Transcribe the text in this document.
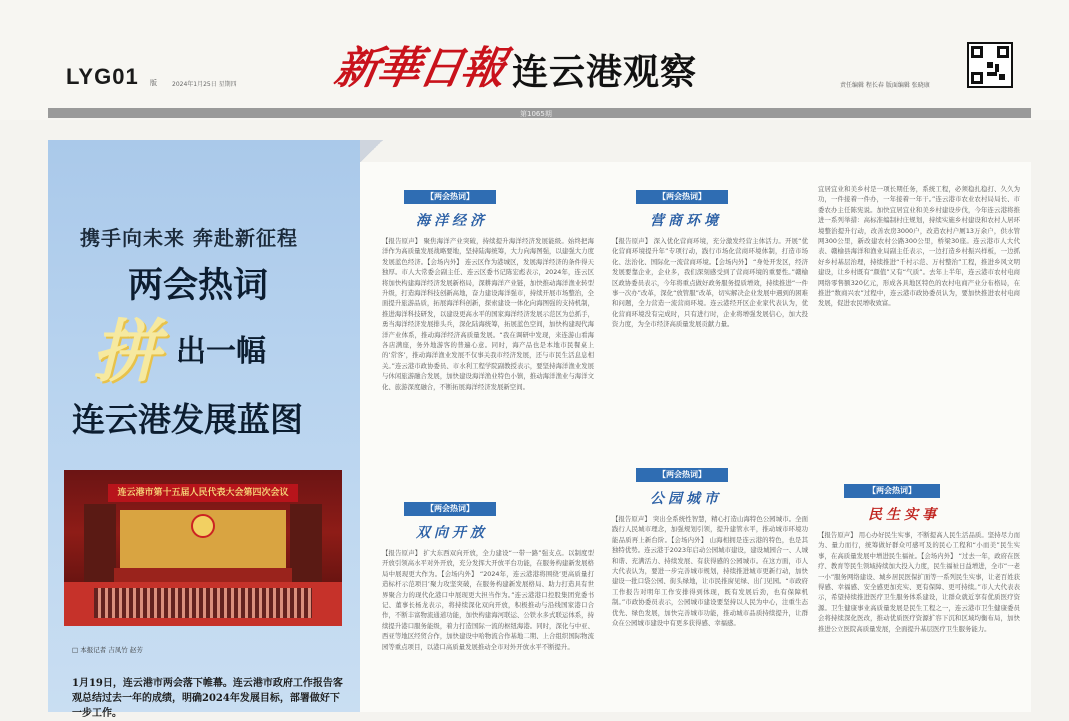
LYG01 版	2024年1月25日 星期四 新華日報 连云港观察	责任编辑 程长春 版面编辑 张晓康
第1065期
携手向未来 奔赴新征程
两会热词
拼 出一幅
连云港发展蓝图
连云港市第十五届人民代表大会第四次会议
□ 本报记者 吉凤竹 赵芳
1月19日，连云港市两会落下帷幕。连云港市政府工作报告客观总结过去一年的成绩，明确2024年发展目标，部署做好下一步工作。
【两会热词】
海洋经济
【报告原声】 聚焦海洋产业突破，持续提升海洋经济发展能级。始终把海洋作为高质量发展战略要地，坚持陆海统筹，大力向海图强，以建强大力度发展蓝色经济。【会场内外】 连云区作为港城区，发展海洋经济的条件得天独厚。市人大常委会副主任、连云区委书记陈宏彪表示，2024年，连云区将加快构建海洋经济发展新格局，深耕海洋产业链，加快推动海洋渔业转型升级，打造海洋科技创新高地，奋力建设海洋强市，持续开展市场整治，全面提升旅游品质，拓展海洋科创新，探索建设一体化向海图强的支持机制，推进海洋科技研发，以建设更高水平的国家海洋经济发展示范区为总抓手，勇当海洋经济发展排头兵，深化陆海统筹，拓展蓝色空间，加快构建现代海洋产业体系，推动海洋经济高质量发展。“我在调研中发现，来连游山看海各店满座，务外地游客的普遍心意。同时，海产品也是本地市民餐桌上的‘常客’，推动海洋渔业发展不仅事关我市经济发展，还与市民生活息息相关。”连云港市政协委员、市水利工程学院副教授表示，要坚持海洋渔业发展与休闲旅游融合发展，加快建设海洋渔业特色小镇，推动海洋渔业与海洋文化、旅游深度融合，不断拓展海洋经济发展新空间。
【两会热词】
双向开放
【报告原声】 扩大东西双向开放，全力建设“一带一路”强支点。以制度型开放引领高水平对外开放，充分发挥大开放平台功能，在服务构建新发展格局中展现更大作为。【会场内外】 “2024年，连云港港将围绕‘更高质量打造标杆示范项目’聚力攻坚突破，在服务构建新发展格局、助力打造具有世界聚合力的现代化港口中展现更大担当作为。”连云港港口控股集团党委书记、董事长杨龙表示，将持续深化双向开放，积极推动与沿线国家港口合作，不断丰富物流通道功能，加快构建海河联运、公铁水多式联运体系，持续提升港口服务能级，着力打造国际一流的枢纽海港。同时，深化与中亚、西亚等地区经贸合作，加快建设中哈物流合作基地二期、上合组织国际物流园等重点项目，以港口高质量发展推动全市对外开放水平不断提升。
【两会热词】
营商环境
【报告原声】 深入优化营商环境，充分激发经营主体活力。开展“优化营商环境提升年”专项行动，践行市场化营商环境体制，打造市场化、法治化、国际化一流营商环境。【会场内外】 “身处开发区，经济发展要靠企业，企业多，我们深刻感受到了营商环境的重要性。”赣榆区政协委员表示，今年将重点做好政务服务提质增效，持续推进“一件事一次办”改革，深化“放管服”改革，切实解决企业发展中遇到的困难和问题，全力营造一流营商环境。连云港经开区企业家代表认为，优化营商环境没有完成时，只有进行时，企业将增强发展信心，加大投资力度，为全市经济高质量发展贡献力量。
【两会热词】
公园城市
【报告原声】 突出全系统性智慧，精心打造山海特色公园城市。全面践行人民城市理念，加强规划引领，提升建管水平，推动城市环境功能品质再上新台阶。【会场内外】 山海相拥是连云港的特色，也是其独特优势。连云港于2023年启动公园城市建设，建设城园合一、人城和谐、充满活力、持续发展、有获得感的公园城市。在这方面，市人大代表认为，要进一步完善城市规划，持续推进城市更新行动，加快建设一批口袋公园、街头绿地，让市民推窗见绿、出门见园。“市政府工作报告对明年工作安排得到体现，既有发展后劲，也有保障机制。”市政协委员表示，公园城市建设要坚持以人民为中心，注重生态优先、绿色发展，加快完善城市功能，推动城市品质持续提升，让群众在公园城市建设中有更多获得感、幸福感。
宜居宜业和美乡村是一项长期任务，系统工程，必须稳扎稳打、久久为功，一件接着一件办，一年接着一年干。”连云港市农业农村局局长、市委农办主任陈宪说。加快宜居宜业和美乡村建设步伐，今年连云港将推进一系列举措：高标准编制村庄规划，持续实施乡村建设和农村人居环境整治提升行动，改善农房3000户，改造农村户厕13万余户，供水管网300公里，新改建农村公路300公里，桥梁30座。连云港市人大代表、赣榆县海洋和渔业局副主任表示，一边打造乡村振兴样板，一边抓好乡村基层治理，持续推进“千村示范、万村整治”工程，推进乡风文明建设，让乡村既有“颜值”又有“气质”。去年上半年，连云港市农村电商网络零售额320亿元，形成各具地区特色的农村电商产业分布格局，在推进“数商兴农”过程中，连云港市政协委员认为，要加快推进农村电商发展，促进农民增收致富。
【两会热词】
民生实事
【报告原声】 用心办好民生实事，不断提高人民生活品质。坚持尽力而为、量力而行，统筹做好群众可感可及的民心工程和“小而美”民生实事，在高质量发展中增进民生福祉。【会场内外】 “过去一年，政府在医疗、教育等民生领域持续加大投入力度，民生福祉日益增进，全市“一老一小”服务网络建设、城乡居民医保扩面等一系列民生实事，让老百姓获得感、幸福感、安全感更加充实、更有保障、更可持续。”市人大代表表示，希望持续推进医疗卫生服务体系建设，让群众就近享有优质医疗资源。卫生健康事业高质量发展是民生工程之一，连云港市卫生健康委员会将持续深化医改，推动优质医疗资源扩容下沉和区域均衡布局，加快推进公立医院高质量发展，全面提升基层医疗卫生服务能力。
